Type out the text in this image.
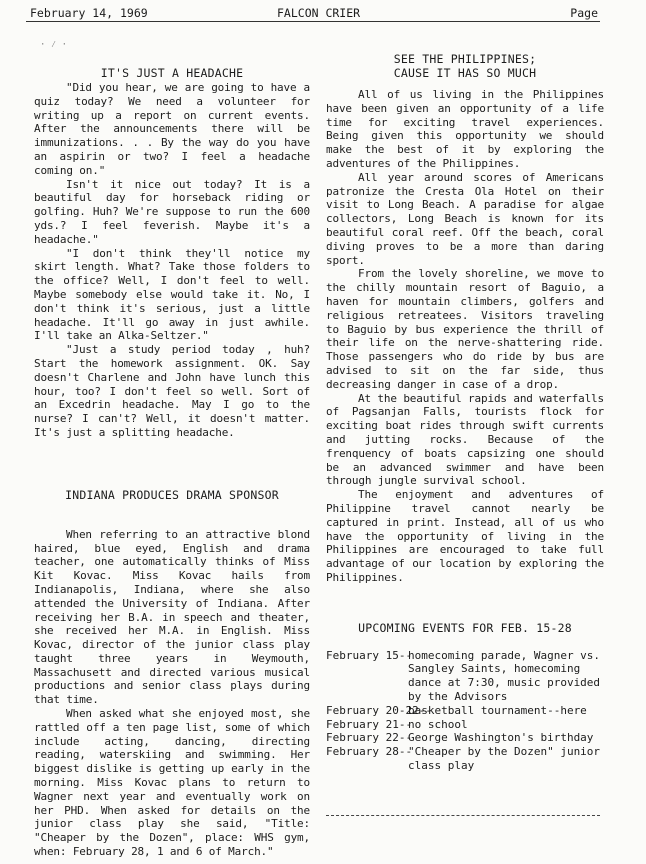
February 14, 1969	FALCON CRIER	Page
· ⁄ ·
IT'S JUST A HEADACHE

"Did you hear, we are going to have a quiz today? We need a volunteer for writing up a report on current events. After the announcements there will be immunizations. . . By the way do you have an aspirin or two? I feel a headache coming on."

Isn't it nice out today? It is a beautiful day for horseback riding or golfing. Huh? We're suppose to run the 600 yds.? I feel feverish. Maybe it's a headache."

"I don't think they'll notice my skirt length. What? Take those folders to the office? Well, I don't feel to well. Maybe somebody else would take it. No, I don't think it's serious, just a little headache. It'll go away in just awhile. I'll take an Alka-Seltzer."

"Just a study period today , huh? Start the homework assignment. OK. Say doesn't Charlene and John have lunch this hour, too? I don't feel so well. Sort of an Excedrin headache. May I go to the nurse? I can't? Well, it doesn't matter. It's just a splitting headache.

INDIANA PRODUCES DRAMA SPONSOR

When referring to an attractive blond haired, blue eyed, English and drama teacher, one automatically thinks of Miss Kit Kovac. Miss Kovac hails from Indianapolis, Indiana, where she also attended the University of Indiana. After receiving her B.A. in speech and theater, she received her M.A. in English. Miss Kovac, director of the junior class play taught three years in Weymouth, Massachusett and directed various musical productions and senior class plays during that time.

When asked what she enjoyed most, she rattled off a ten page list, some of which include acting, dancing, directing reading, waterskiing and swimming. Her biggest dislike is getting up early in the morning. Miss Kovac plans to return to Wagner next year and eventually work on her PHD. When asked for details on the junior class play she said, "Title: "Cheaper by the Dozen", place: WHS gym, when: February 28, 1 and 6 of March."

SEE THE PHILIPPINES;
CAUSE IT HAS SO MUCH

All of us living in the Philippines have been given an opportunity of a life time for exciting travel experiences. Being given this opportunity we should make the best of it by exploring the adventures of the Philippines.

All year around scores of Americans patronize the Cresta Ola Hotel on their visit to Long Beach. A paradise for algae collectors, Long Beach is known for its beautiful coral reef. Off the beach, coral diving proves to be a more than daring sport.

From the lovely shoreline, we move to the chilly mountain resort of Baguio, a haven for mountain climbers, golfers and religious retreatees. Visitors traveling to Baguio by bus experience the thrill of their life on the nerve-shattering ride. Those passengers who do ride by bus are advised to sit on the far side, thus decreasing danger in case of a drop.

At the beautiful rapids and waterfalls of Pagsanjan Falls, tourists flock for exciting boat rides through swift currents and jutting rocks. Because of the frenquency of boats capsizing one should be an advanced swimmer and have been through jungle survival school.

The enjoyment and adventures of Philippine travel cannot nearly be captured in print. Instead, all of us who have the opportunity of living in the Philippines are encouraged to take full advantage of our location by exploring the Philippines.

UPCOMING EVENTS FOR FEB. 15-28
February 15--
homecoming parade, Wagner vs. Sangley Saints, homecoming dance at 7:30, music provided by the Advisors
February 20-22--
basketball tournament--here
February 21--
no school
February 22--
George Washington's birthday
February 28--
"Cheaper by the Dozen" junior class play
